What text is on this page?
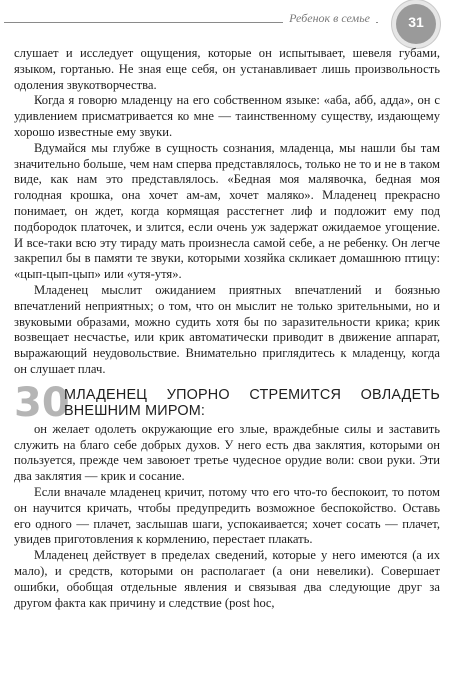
Ребенок в семье	31

слушает и исследует ощущения, которые он испытывает, шевеля губами, языком, гортанью. Не зная еще себя, он устанавливает лишь произвольность одоления звукотворчества.

Когда я говорю младенцу на его собственном языке: «аба, абб, адда», он с удивлением присматривается ко мне — таинственному существу, издающему хорошо известные ему звуки.

Вдумайся мы глубже в сущность сознания, младенца, мы нашли бы там значительно больше, чем нам сперва представлялось, только не то и не в таком виде, как нам это представлялось. «Бедная моя малявочка, бедная моя голодная крошка, она хочет ам-ам, хочет маляко». Младенец прекрасно понимает, он ждет, когда кормящая расстегнет лиф и подложит ему под подбородок платочек, и злится, если очень уж задержат ожидаемое угощение. И все-таки всю эту тираду мать произнесла самой себе, а не ребенку. Он легче закрепил бы в памяти те звуки, которыми хозяйка скликает домашнюю птицу: «цып-цып-цып» или «утя-утя».

Младенец мыслит ожиданием приятных впечатлений и боязнью впечатлений неприятных; о том, что он мыслит не только зрительными, но и звуковыми образами, можно судить хотя бы по заразительности крика; крик возвещает несчастье, или крик автоматически приводит в движение аппарат, выражающий неудовольствие. Внимательно приглядитесь к младенцу, когда он слушает плач.

30
МЛАДЕНЕЦ УПОРНО СТРЕМИТСЯ ОВЛАДЕТЬ ВНЕШНИМ МИРОМ:

он желает одолеть окружающие его злые, враждебные силы и заставить служить на благо себе добрых духов. У него есть два заклятия, которыми он пользуется, прежде чем завоюет третье чудесное орудие воли: свои руки. Эти два заклятия — крик и сосание.

Если вначале младенец кричит, потому что его что-то беспокоит, то потом он научится кричать, чтобы предупредить возможное беспокойство. Оставь его одного — плачет, заслышав шаги, успокаивается; хочет сосать — плачет, увидев приготовления к кормлению, перестает плакать.

Младенец действует в пределах сведений, которые у него имеются (а их мало), и средств, которыми он располагает (а они невелики). Совершает ошибки, обобщая отдельные явления и связывая два следующие друг за другом факта как причину и следствие (post hoc,
